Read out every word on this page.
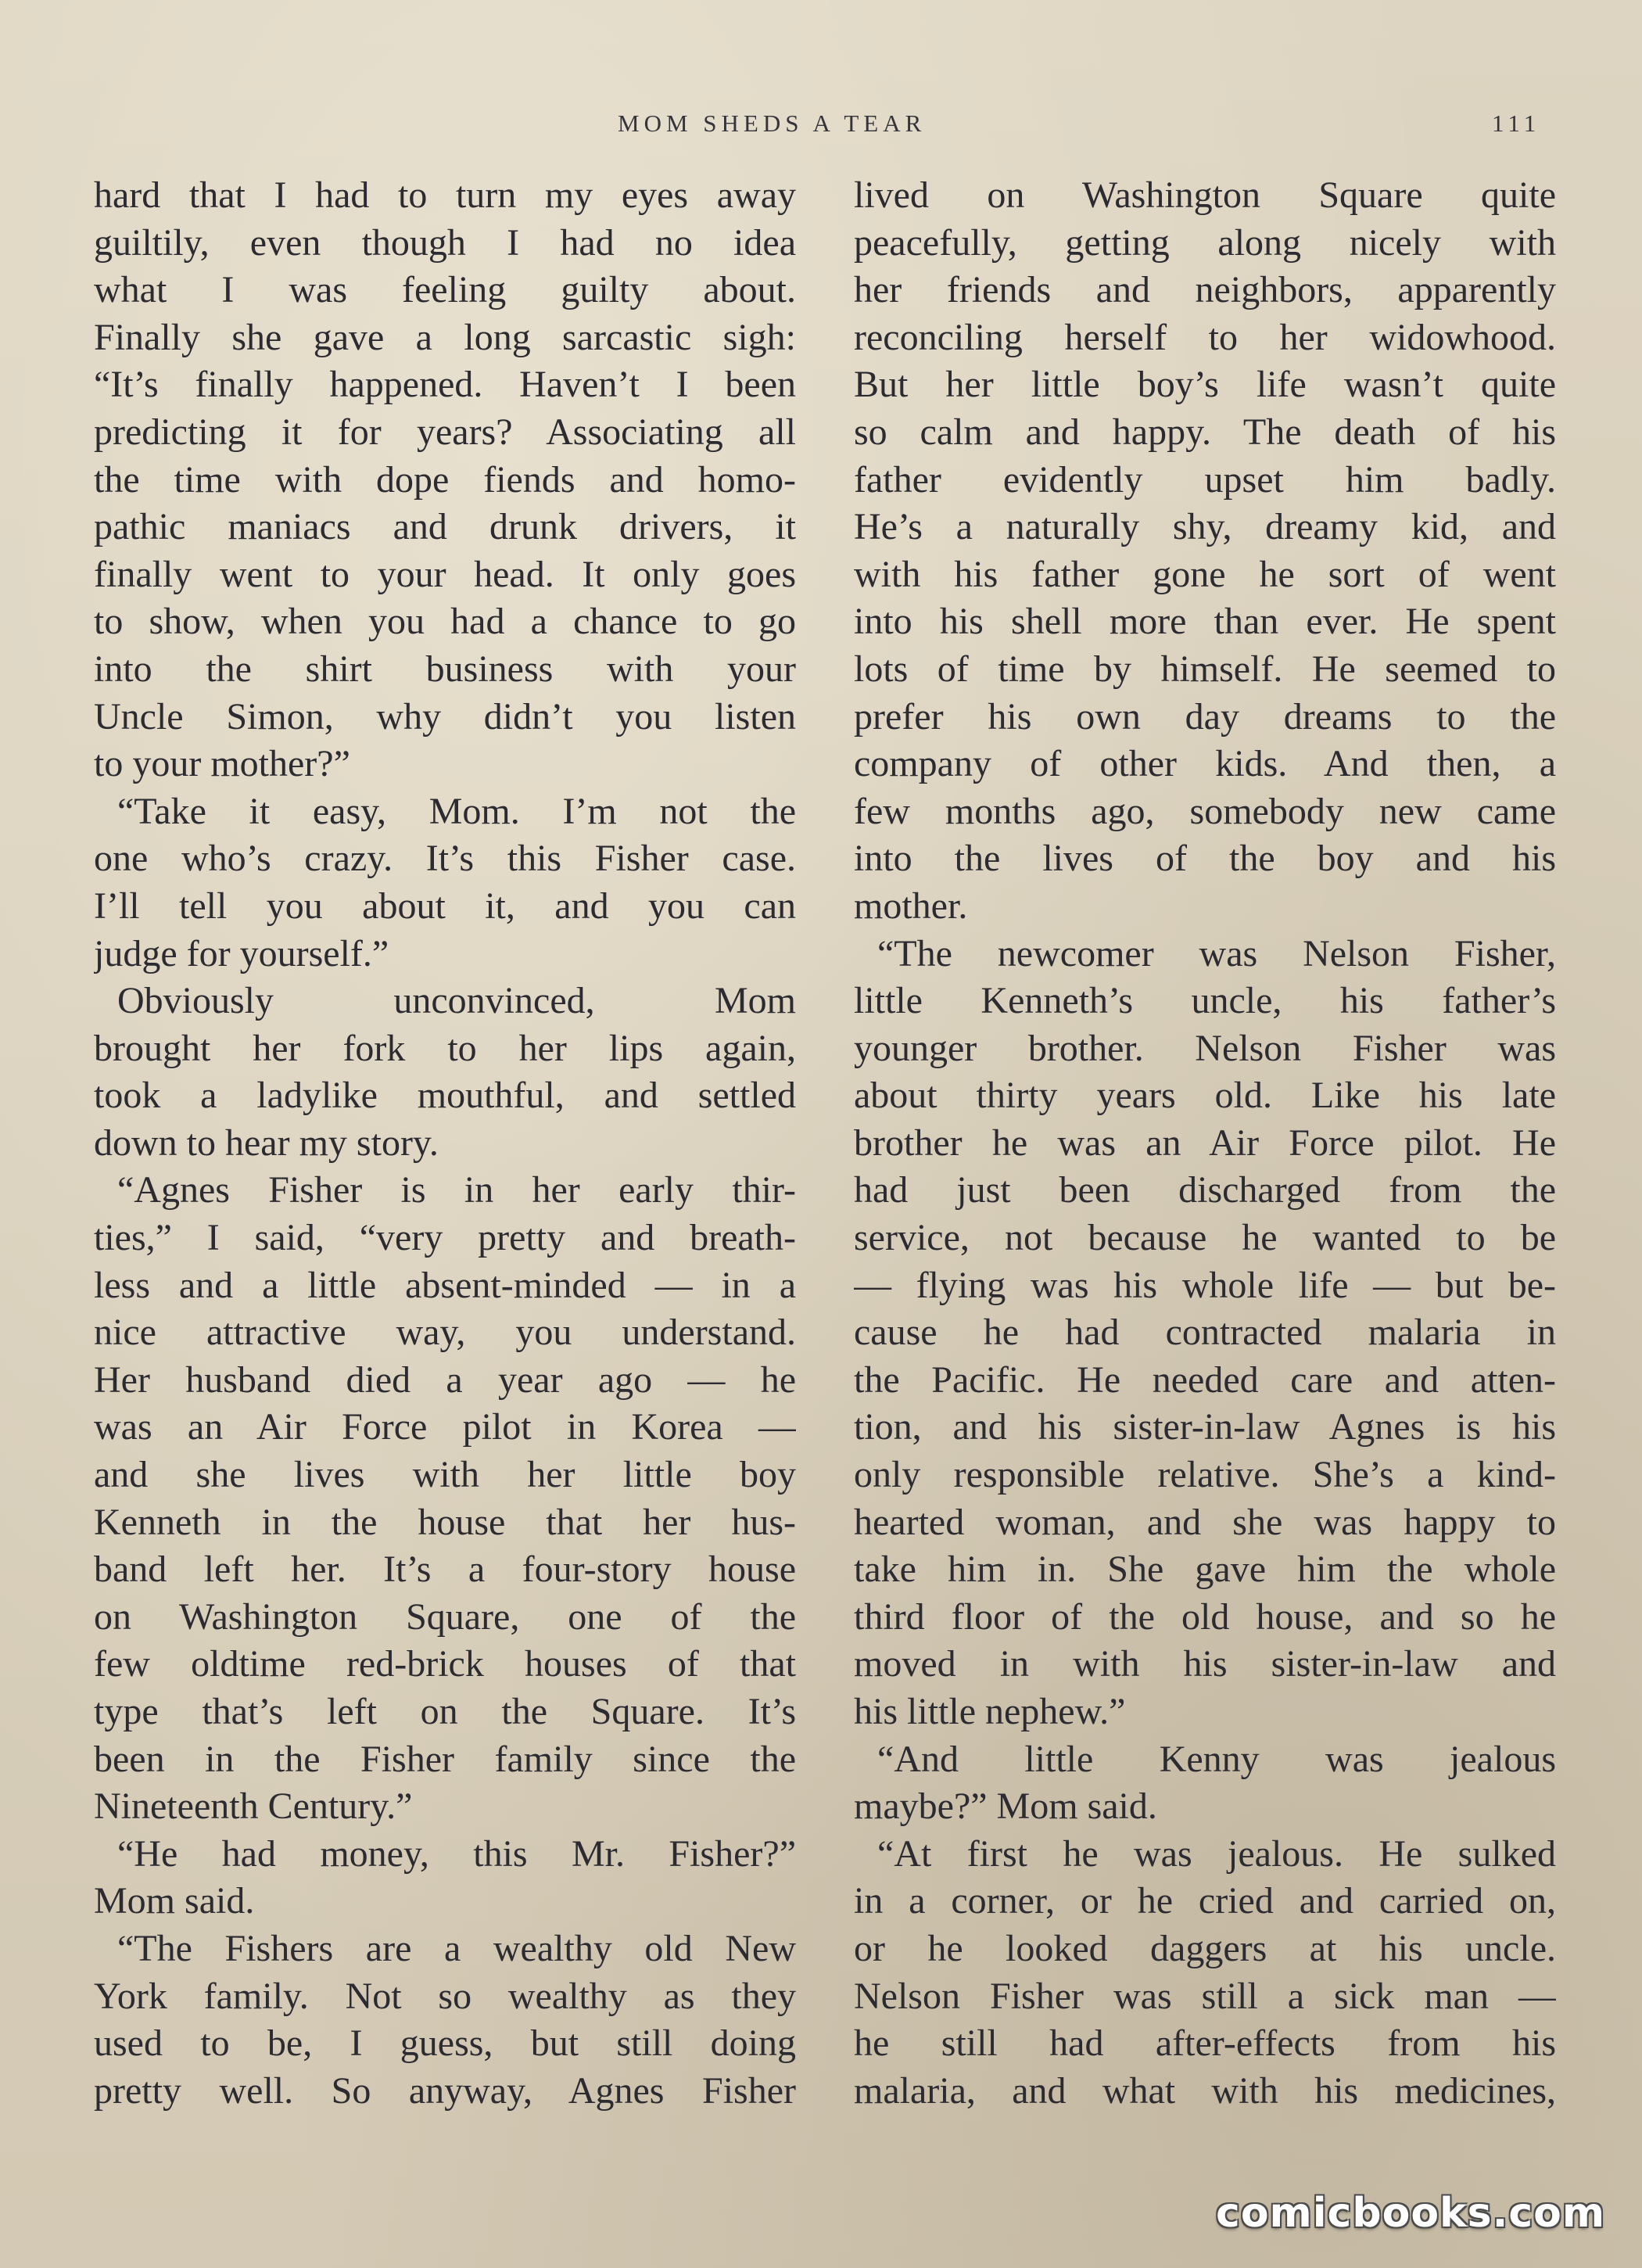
MOM SHEDS A TEAR	111
hard that I had to turn my eyes away
guiltily, even though I had no idea
what I was feeling guilty about.
Finally she gave a long sarcastic sigh:
“It’s finally happened. Haven’t I been
predicting it for years? Associating all
the time with dope fiends and homo-
pathic maniacs and drunk drivers, it
finally went to your head. It only goes
to show, when you had a chance to go
into the shirt business with your
Uncle Simon, why didn’t you listen
to your mother?”
“Take it easy, Mom. I’m not the
one who’s crazy. It’s this Fisher case.
I’ll tell you about it, and you can
judge for yourself.”
Obviously unconvinced, Mom
brought her fork to her lips again,
took a ladylike mouthful, and settled
down to hear my story.
“Agnes Fisher is in her early thir-
ties,” I said, “very pretty and breath-
less and a little absent-minded — in a
nice attractive way, you understand.
Her husband died a year ago — he
was an Air Force pilot in Korea —
and she lives with her little boy
Kenneth in the house that her hus-
band left her. It’s a four-story house
on Washington Square, one of the
few oldtime red-brick houses of that
type that’s left on the Square. It’s
been in the Fisher family since the
Nineteenth Century.”
“He had money, this Mr. Fisher?”
Mom said.
“The Fishers are a wealthy old New
York family. Not so wealthy as they
used to be, I guess, but still doing
pretty well. So anyway, Agnes Fisher
lived on Washington Square quite
peacefully, getting along nicely with
her friends and neighbors, apparently
reconciling herself to her widowhood.
But her little boy’s life wasn’t quite
so calm and happy. The death of his
father evidently upset him badly.
He’s a naturally shy, dreamy kid, and
with his father gone he sort of went
into his shell more than ever. He spent
lots of time by himself. He seemed to
prefer his own day dreams to the
company of other kids. And then, a
few months ago, somebody new came
into the lives of the boy and his
mother.
“The newcomer was Nelson Fisher,
little Kenneth’s uncle, his father’s
younger brother. Nelson Fisher was
about thirty years old. Like his late
brother he was an Air Force pilot. He
had just been discharged from the
service, not because he wanted to be
— flying was his whole life — but be-
cause he had contracted malaria in
the Pacific. He needed care and atten-
tion, and his sister-in-law Agnes is his
only responsible relative. She’s a kind-
hearted woman, and she was happy to
take him in. She gave him the whole
third floor of the old house, and so he
moved in with his sister-in-law and
his little nephew.”
“And little Kenny was jealous
maybe?” Mom said.
“At first he was jealous. He sulked
in a corner, or he cried and carried on,
or he looked daggers at his uncle.
Nelson Fisher was still a sick man —
he still had after-effects from his
malaria, and what with his medicines,
comicbooks.com
